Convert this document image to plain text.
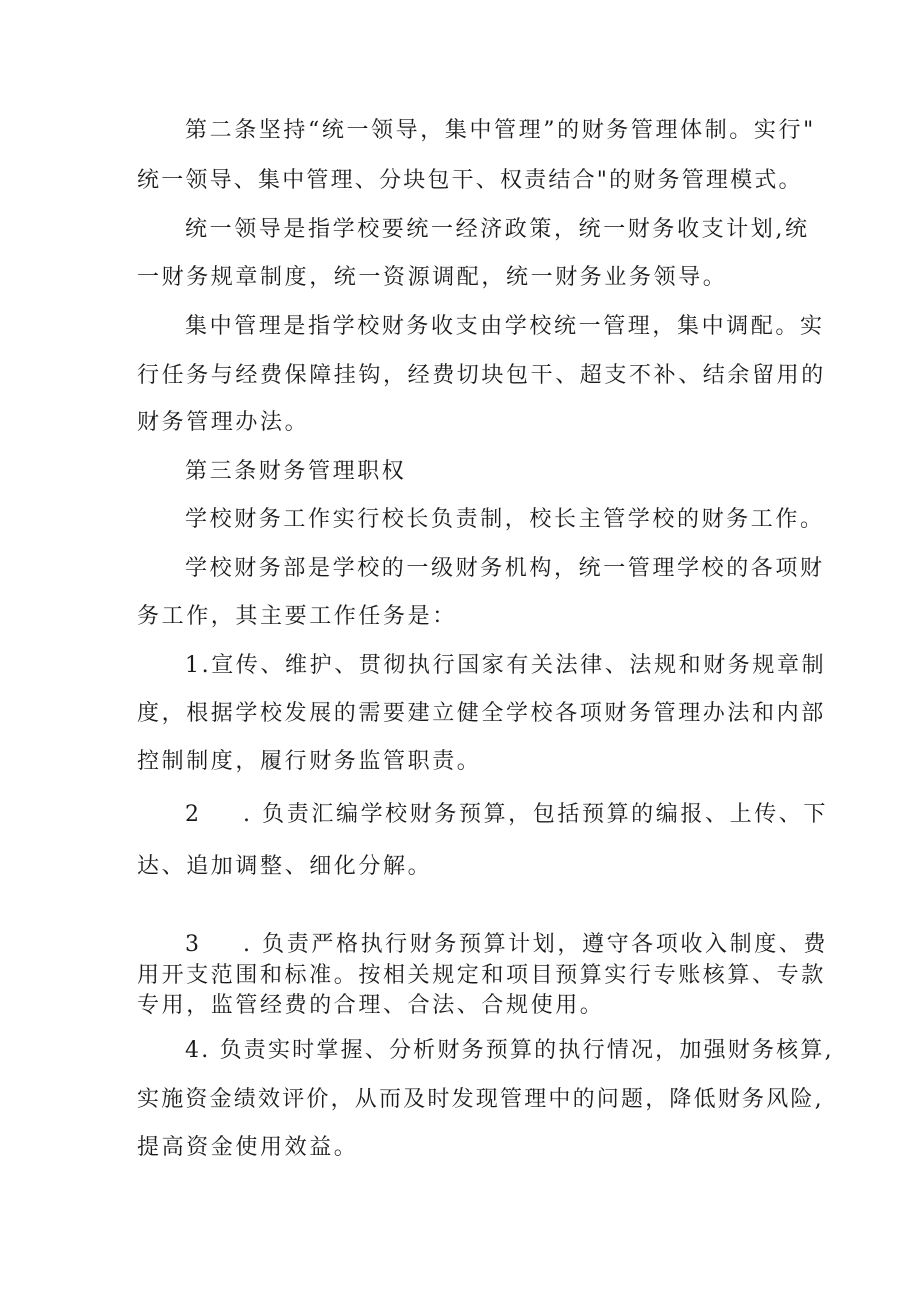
第二条坚持“统一领导，集中管理”的财务管理体制。实行"
统一领导、集中管理、分块包干、权责结合"的财务管理模式。
统一领导是指学校要统一经济政策，统一财务收支计划,统
一财务规章制度，统一资源调配，统一财务业务领导。
集中管理是指学校财务收支由学校统一管理，集中调配。实
行任务与经费保障挂钩，经费切块包干、超支不补、结余留用的
财务管理办法。
第三条财务管理职权
学校财务工作实行校长负责制，校长主管学校的财务工作。
学校财务部是学校的一级财务机构，统一管理学校的各项财
务工作，其主要工作任务是：
1.宣传、维护、贯彻执行国家有关法律、法规和财务规章制
度，根据学校发展的需要建立健全学校各项财务管理办法和内部
控制制度，履行财务监管职责。
2 . 负责汇编学校财务预算，包括预算的编报、上传、下
达、追加调整、细化分解。
3 . 负责严格执行财务预算计划，遵守各项收入制度、费
用开支范围和标准。按相关规定和项目预算实行专账核算、专款
专用，监管经费的合理、合法、合规使用。
4. 负责实时掌握、分析财务预算的执行情况，加强财务核算,
实施资金绩效评价，从而及时发现管理中的问题，降低财务风险,
提高资金使用效益。
